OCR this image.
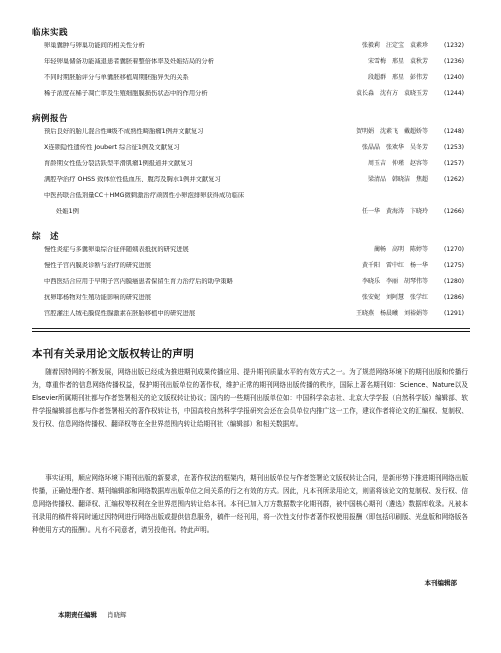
临床实践
卵巢囊肿与卵巢功能间的相关性分析	张毅莉　汪定宝　袁素珍	(1232)
年轻卵巢储备功能减退患者囊胚着整倍体率及妊娠结局的分析	宋雪梅　邢星　袁秋芳	(1236)
不同时期胚胎评分与单囊胚移植周期胚胎异失的关系	段超群　邢星　彭伟芳	(1240)
稀子浓度在稀子凋亡率及生殖细胞膜损伤状态中的作用分析	袁长淼　沈有方　袁晓玉芳	(1244)
病例报告
预后良好的胎儿混合性Ⅲ级不成熟性畸胎瘤1例并文献复习	贺明娟　沈素飞　戴超娇等	(1248)
X连锁隐性遗传性 Joubert 综合征1例及文献复习	张晶晶　张欢华　吴冬芳	(1253)
育龄期女性低分裂活跃型平滑肌瘤1例报道并文献复习	周玉吉　仲瑾　赵容等	(1257)
满腔孕治疗 OHSS 致体位性低血压、腹泻及胸水1例并文献复习	梁清品　韩晓洁　焦超	(1262)
中医药联合低剂量CC＋HMG微刺激治疗顽固性小卵泡排卵获得成功临床
妊娠1例	任一华　黄海涛　卞晓玲	(1266)
综　述
慢性炎症与多囊卵巢综合征伴随姨表抵抗的研究进展	蔺畅　高明　陈婷等	(1270)
慢性子宫内膜炎诊断与治疗的研究进展	黄千阳　雷中红　杨一华	(1275)
中西医结合应用于早期子宫内膜癌患者保留生育力治疗后的助孕策略	李晓乐　李丽　胡琴伟等	(1280)
抗卵耶杨物对生殖功能影响的研究进展	张安妮　刘阿慧　张学红	(1286)
宫腔灌注人绒毛膜促性腺激素在胚胎移植中的研究进展	王晓燕　杨晨曦　刘裕娟等	(1291)
本刊有关录用论文版权转让的声明

随着因特网的不断发展，网络出版已经成为推进期刊成果传播应用、提升期刊质量水平的有效方式之一。为了规范网络环境下的期刊出版和传播行为，尊重作者的信息网络传播权益，保护期刊出版单位的著作权，维护正常的期刊网络出版传播的秩序，国际上著名期刊如：Science、Nature以及Elsevier所属期刊社都与作者签署相关的论文版权转让协议；国内的一些期刊出版单位如：中国科学杂志社、北京大学学报（自然科学版）编辑部、软件学报编辑部也都与作者签署相关的著作权转让书，中国高校自然科学学报研究会还在会员单位内推广这一工作，建议作者将论文的汇编权、复制权、发行权、信息网络传播权、翻译权等在全世界范围内转让给期刊社（编辑部）和相关数据库。

事实证明，顺应网络环境下期刊出版的新要求，在著作权法的框架内，期刊出版单位与作者签署论文版权转让合同，是新形势下推进期刊网络出版传播，正确处理作者、期刊编辑部和网络数据库出版单位之间关系的行之有效的方式。因此，凡本刊所录用论文，则需将该论文的复制权、发行权、信息网络传播权、翻译权、汇编权等权利在全世界范围内转让给本刊。本刊已加入万方数据数字化期刊群，被中国核心期刊（遴选）数据库收录。凡被本刊录用的稿件将同时通过因特网进行网络出版或提供信息服务，稿件一经刊用，将一次性支付作者著作权使用报酬（即包括印刷版、光盘版和网络版各种使用方式的报酬）。凡有不同意者，请另投他刊。特此声明。

本刊编辑部
本期责任编辑 肖晓辉
